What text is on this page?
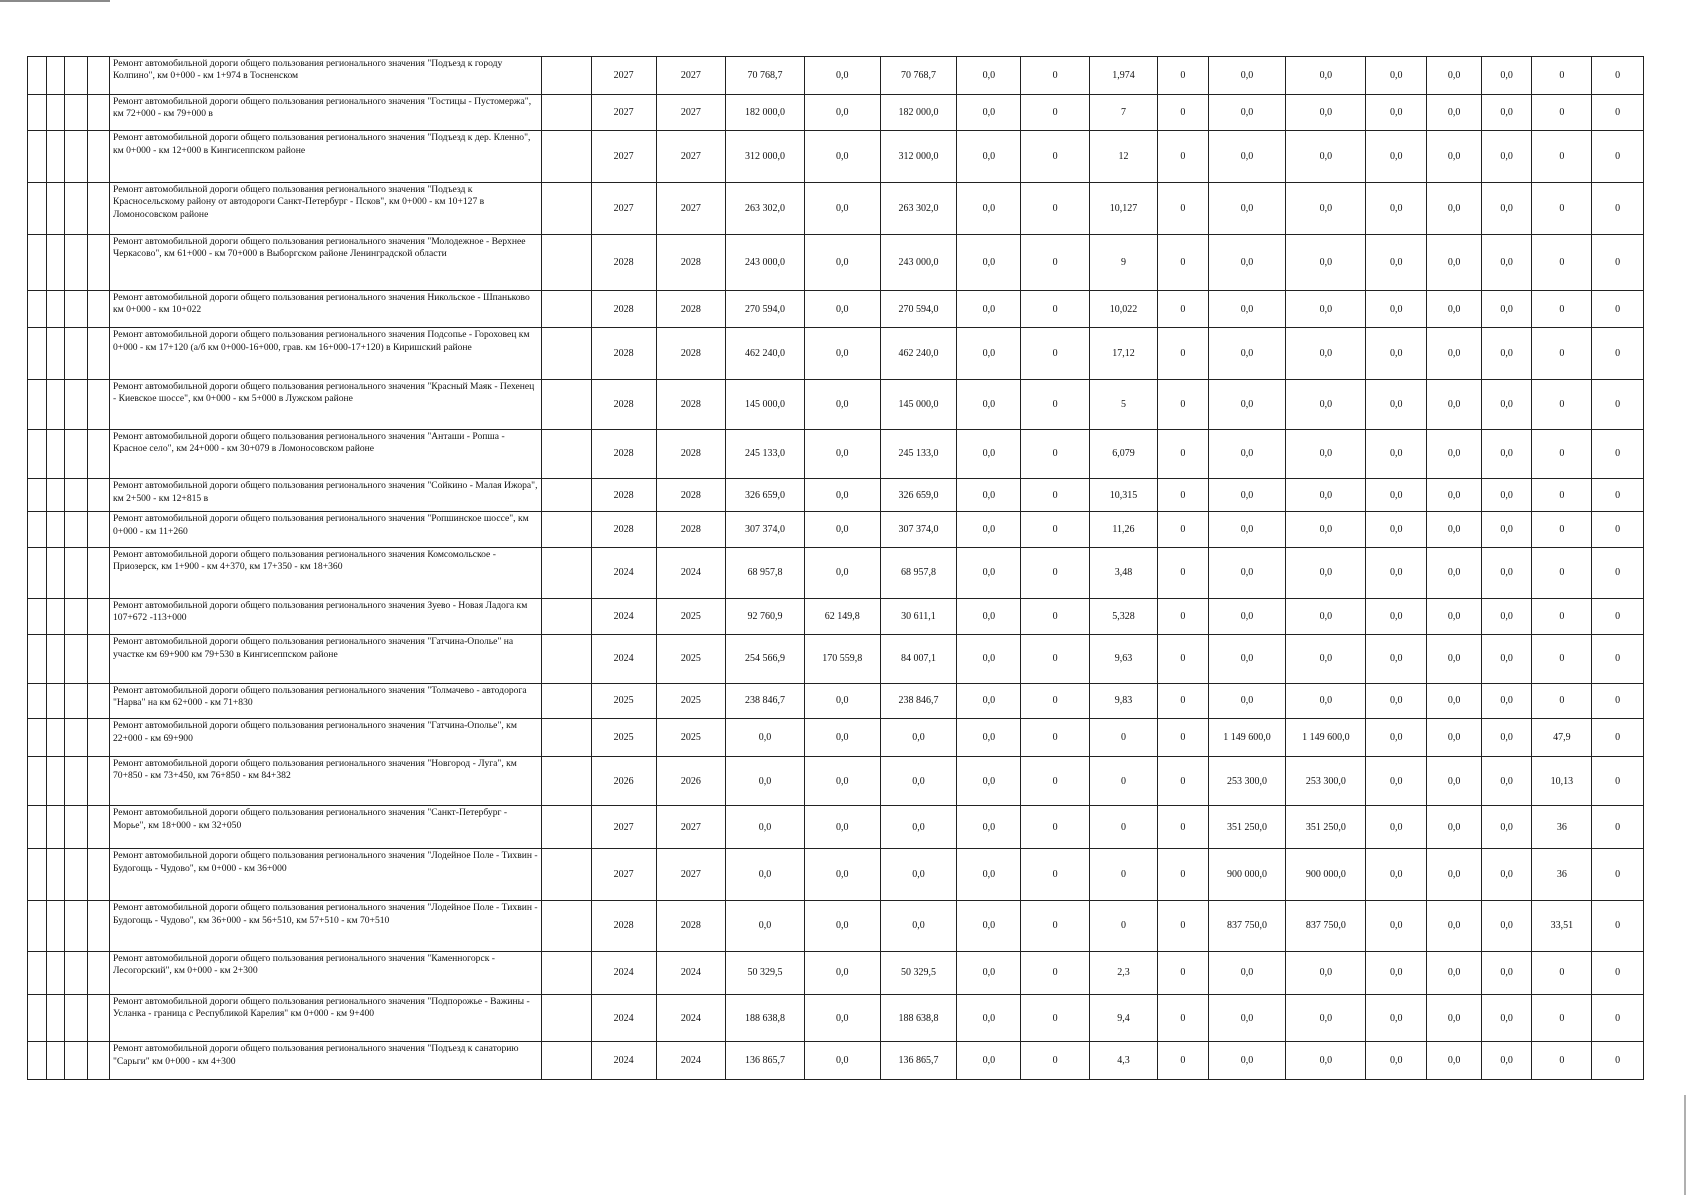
				Ремонт автомобильной дороги общего пользования регионального значения "Подъезд к городу Колпино", км 0+000 - км 1+974 в Тосненском		2027	2027	70 768,7	0,0	70 768,7	0,0	0	1,974	0	0,0	0,0	0,0	0,0	0,0	0	0
				Ремонт автомобильной дороги общего пользования регионального значения "Гостицы - Пустомержа", км 72+000 - км 79+000 в		2027	2027	182 000,0	0,0	182 000,0	0,0	0	7	0	0,0	0,0	0,0	0,0	0,0	0	0
				Ремонт автомобильной дороги общего пользования регионального значения "Подъезд к дер. Кленно", км 0+000 - км 12+000 в Кингисеппском районе		2027	2027	312 000,0	0,0	312 000,0	0,0	0	12	0	0,0	0,0	0,0	0,0	0,0	0	0
				Ремонт автомобильной дороги общего пользования регионального значения "Подъезд к Красносельскому району от автодороги Санкт-Петербург - Псков", км 0+000 - км 10+127 в Ломоносовском районе		2027	2027	263 302,0	0,0	263 302,0	0,0	0	10,127	0	0,0	0,0	0,0	0,0	0,0	0	0
				Ремонт автомобильной дороги общего пользования регионального значения "Молодежное - Верхнее Черкасово", км 61+000 - км 70+000 в Выборгском районе Ленинградской области		2028	2028	243 000,0	0,0	243 000,0	0,0	0	9	0	0,0	0,0	0,0	0,0	0,0	0	0
				Ремонт автомобильной дороги общего пользования регионального значения Никольское - Шпаньково км 0+000 - км 10+022		2028	2028	270 594,0	0,0	270 594,0	0,0	0	10,022	0	0,0	0,0	0,0	0,0	0,0	0	0
				Ремонт автомобильной дороги общего пользования регионального значения Подсопье - Гороховец км 0+000 - км 17+120 (а/б км 0+000-16+000, грав. км 16+000-17+120) в Киришский районе		2028	2028	462 240,0	0,0	462 240,0	0,0	0	17,12	0	0,0	0,0	0,0	0,0	0,0	0	0
				Ремонт автомобильной дороги общего пользования регионального значения "Красный Маяк - Пехенец - Киевское шоссе", км 0+000 - км 5+000 в Лужском районе		2028	2028	145 000,0	0,0	145 000,0	0,0	0	5	0	0,0	0,0	0,0	0,0	0,0	0	0
				Ремонт автомобильной дороги общего пользования регионального значения "Анташи - Ропша - Красное село", км 24+000 - км 30+079 в Ломоносовском районе		2028	2028	245 133,0	0,0	245 133,0	0,0	0	6,079	0	0,0	0,0	0,0	0,0	0,0	0	0
				Ремонт автомобильной дороги общего пользования регионального значения "Сойкино - Малая Ижора", км 2+500 - км 12+815 в		2028	2028	326 659,0	0,0	326 659,0	0,0	0	10,315	0	0,0	0,0	0,0	0,0	0,0	0	0
				Ремонт автомобильной дороги общего пользования регионального значения "Ропшинское шоссе", км 0+000 - км 11+260		2028	2028	307 374,0	0,0	307 374,0	0,0	0	11,26	0	0,0	0,0	0,0	0,0	0,0	0	0
				Ремонт автомобильной дороги общего пользования регионального значения Комсомольское - Приозерск, км 1+900 - км 4+370, км 17+350 - км 18+360		2024	2024	68 957,8	0,0	68 957,8	0,0	0	3,48	0	0,0	0,0	0,0	0,0	0,0	0	0
				Ремонт автомобильной дороги общего пользования регионального значения Зуево - Новая Ладога км 107+672 -113+000		2024	2025	92 760,9	62 149,8	30 611,1	0,0	0	5,328	0	0,0	0,0	0,0	0,0	0,0	0	0
				Ремонт автомобильной дороги общего пользования регионального значения "Гатчина-Ополье" на участке км 69+900 км 79+530 в Кингисеппском районе		2024	2025	254 566,9	170 559,8	84 007,1	0,0	0	9,63	0	0,0	0,0	0,0	0,0	0,0	0	0
				Ремонт автомобильной дороги общего пользования регионального значения "Толмачево - автодорога "Нарва" на км 62+000 - км 71+830		2025	2025	238 846,7	0,0	238 846,7	0,0	0	9,83	0	0,0	0,0	0,0	0,0	0,0	0	0
				Ремонт автомобильной дороги общего пользования регионального значения "Гатчина-Ополье", км 22+000 - км 69+900		2025	2025	0,0	0,0	0,0	0,0	0	0	0	1 149 600,0	1 149 600,0	0,0	0,0	0,0	47,9	0
				Ремонт автомобильной дороги общего пользования регионального значения "Новгород - Луга", км 70+850 - км 73+450, км 76+850 - км 84+382		2026	2026	0,0	0,0	0,0	0,0	0	0	0	253 300,0	253 300,0	0,0	0,0	0,0	10,13	0
				Ремонт автомобильной дороги общего пользования регионального значения "Санкт-Петербург - Морье", км 18+000 - км 32+050		2027	2027	0,0	0,0	0,0	0,0	0	0	0	351 250,0	351 250,0	0,0	0,0	0,0	36	0
				Ремонт автомобильной дороги общего пользования регионального значения "Лодейное Поле - Тихвин - Будогощь - Чудово", км 0+000 - км 36+000		2027	2027	0,0	0,0	0,0	0,0	0	0	0	900 000,0	900 000,0	0,0	0,0	0,0	36	0
				Ремонт автомобильной дороги общего пользования регионального значения "Лодейное Поле - Тихвин - Будогощь - Чудово", км 36+000 - км 56+510, км 57+510 - км 70+510		2028	2028	0,0	0,0	0,0	0,0	0	0	0	837 750,0	837 750,0	0,0	0,0	0,0	33,51	0
				Ремонт автомобильной дороги общего пользования регионального значения "Каменногорск - Лесогорский", км 0+000 - км 2+300		2024	2024	50 329,5	0,0	50 329,5	0,0	0	2,3	0	0,0	0,0	0,0	0,0	0,0	0	0
				Ремонт автомобильной дороги общего пользования регионального значения "Подпорожье - Важины - Усланка - граница с Республикой Карелия" км 0+000 - км 9+400		2024	2024	188 638,8	0,0	188 638,8	0,0	0	9,4	0	0,0	0,0	0,0	0,0	0,0	0	0
				Ремонт автомобильной дороги общего пользования регионального значения "Подъезд к санаторию "Сарьги" км 0+000 - км 4+300		2024	2024	136 865,7	0,0	136 865,7	0,0	0	4,3	0	0,0	0,0	0,0	0,0	0,0	0	0
